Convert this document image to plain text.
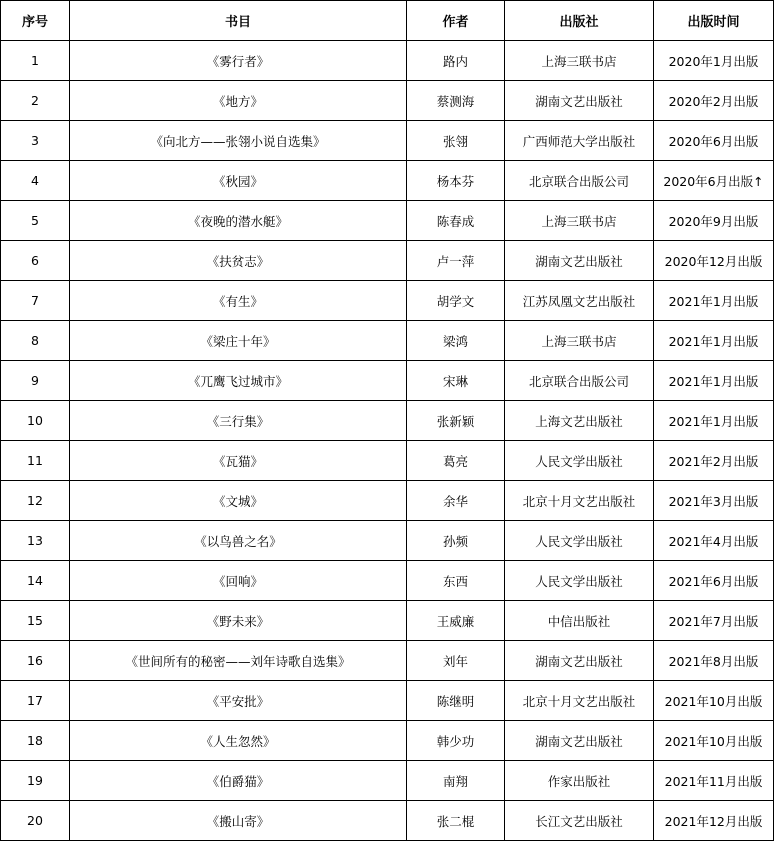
序号	书目	作者	出版社	出版时间
1	《雾行者》	路内	上海三联书店	2020年1月出版
2	《地方》	蔡测海	湖南文艺出版社	2020年2月出版
3	《向北方——张翎小说自选集》	张翎	广西师范大学出版社	2020年6月出版
4	《秋园》	杨本芬	北京联合出版公司	2020年6月出版↑
5	《夜晚的潜水艇》	陈春成	上海三联书店	2020年9月出版
6	《扶贫志》	卢一萍	湖南文艺出版社	2020年12月出版
7	《有生》	胡学文	江苏凤凰文艺出版社	2021年1月出版
8	《梁庄十年》	梁鸿	上海三联书店	2021年1月出版
9	《兀鹰飞过城市》	宋琳	北京联合出版公司	2021年1月出版
10	《三行集》	张新颖	上海文艺出版社	2021年1月出版
11	《瓦猫》	葛亮	人民文学出版社	2021年2月出版
12	《文城》	余华	北京十月文艺出版社	2021年3月出版
13	《以鸟兽之名》	孙频	人民文学出版社	2021年4月出版
14	《回响》	东西	人民文学出版社	2021年6月出版
15	《野未来》	王威廉	中信出版社	2021年7月出版
16	《世间所有的秘密——刘年诗歌自选集》	刘年	湖南文艺出版社	2021年8月出版
17	《平安批》	陈继明	北京十月文艺出版社	2021年10月出版
18	《人生忽然》	韩少功	湖南文艺出版社	2021年10月出版
19	《伯爵猫》	南翔	作家出版社	2021年11月出版
20	《搬山寄》	张二棍	长江文艺出版社	2021年12月出版
